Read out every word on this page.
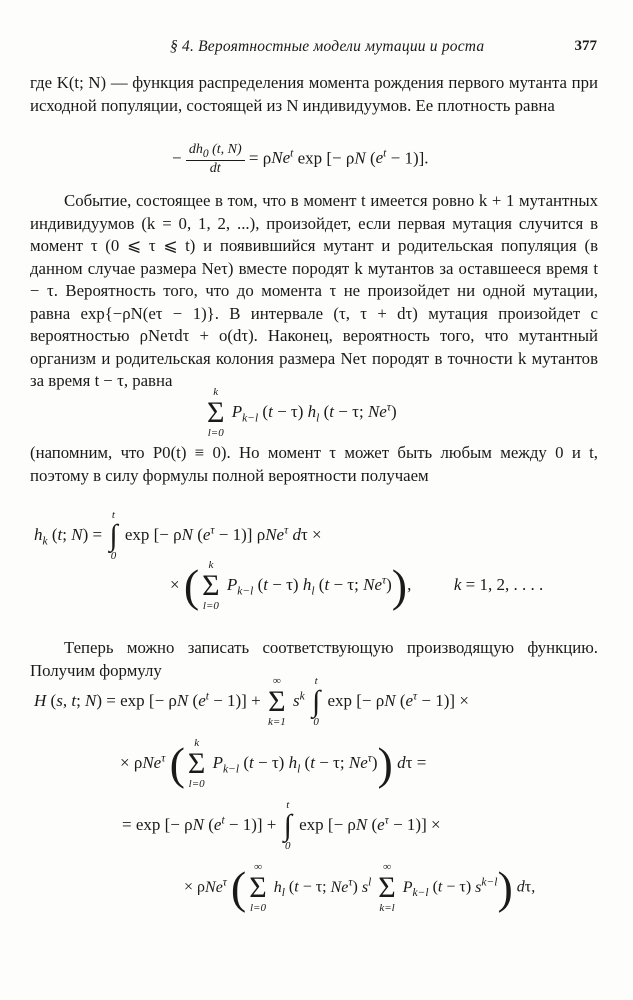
§ 4. Вероятностные модели мутации и роста	377
где K(t; N) — функция распределения момента рождения первого мутанта при исходной популяции, состоящей из N индивидуумов. Ее плотность равна
− $\frac{dh_0 (t, N)}{dt} = \rho Ne^t$ exp [− ρN $(e^t - 1)$].
Событие, состоящее в том, что в момент t имеется ровно k + 1 мутантных индивидуумов (k = 0, 1, 2, ...), произойдет, если первая мутация случится в момент τ (0 ⩽ τ ⩽ t) и появившийся мутант и родительская популяция (в данном случае размера Neτ) вместе породят k мутантов за оставшееся время t − τ. Вероятность того, что до момента τ не произойдет ни одной мутации, равна exp{−ρN(eτ − 1)}. В интервале (τ, τ + dτ) мутация произойдет с вероятностью ρNeτdτ + o(dτ). Наконец, вероятность того, что мутантный организм и родительская колония размера Neτ породят в точности k мутантов за время t − τ, равна
k
Σ
l=0
$P_{k-l}$ (t − τ) $h_l$ (t − τ; $Ne^\tau$)
(напомним, что P0(t) ≡ 0). Но момент τ может быть любым между 0 и t, поэтому в силу формулы полной вероятности получаем
$h_k$ (t; N) =
t
∫
0
exp [− ρN $(e^\tau - 1)$] ρNe$^\tau$ dτ ×
× ( k
Σ
l=0
$P_{k-l}$ (t − τ) $h_l$ (t − τ; $Ne^\tau$)),  k = 1, 2, . . . .
Теперь можно записать соответствующую производящую функцию. Получим формулу
H (s, t; N) = exp [− ρN $(e^t - 1)$] +
∞
Σ
k=1
$s^k$
t
∫
0
exp [− ρN $(e^\tau - 1)$] ×
× ρNe$^\tau$ ( k
Σ
l=0
$P_{k-l}$ (t − τ) $h_l$ (t − τ; $Ne^\tau$)) dτ =
= exp [− ρN $(e^t - 1)$] +
t
∫
0
exp [− ρN $(e^\tau - 1)$] ×
× ρNe$^\tau$ ( ∞
Σ
l=0
$h_l$ (t − τ; $Ne^\tau$) $s^l$
∞
Σ
k=l
$P_{k-l}$ (t − τ) $s^{k-l}$) dτ,
